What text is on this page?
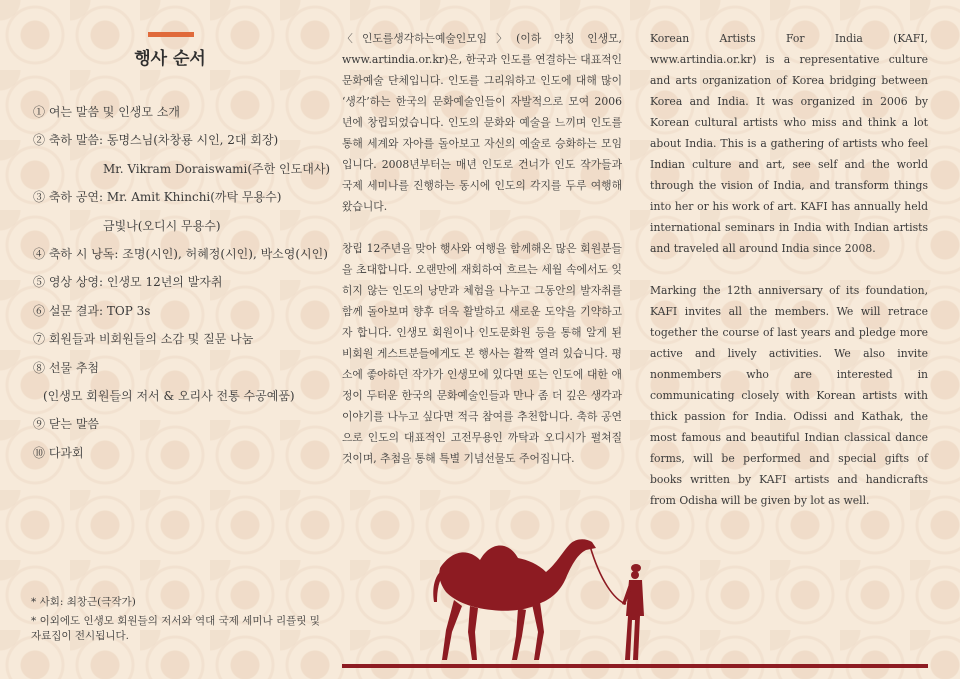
행사 순서
① 여는 말씀 및 인생모 소개
② 축하 말씀: 동명스님(차창룡 시인, 2대 회장)
Mr. Vikram Doraiswami(주한 인도대사)
③ 축하 공연: Mr. Amit Khinchi(까탁 무용수)
금빛나(오디시 무용수)
④ 축하 시 낭독: 조명(시인), 허혜정(시인), 박소영(시인)
⑤ 영상 상영: 인생모 12년의 발자취
⑥ 설문 결과: TOP 3s
⑦ 회원들과 비회원들의 소감 및 질문 나눔
⑧ 선물 추첨
(인생모 회원들의 저서 & 오리사 전통 수공예품)
⑨ 닫는 말씀
⑩ 다과회
* 사회: 최창근(극작가)
* 이외에도 인생모 회원들의 저서와 역대 국제 세미나 리플릿 및 자료집이 전시됩니다.

〈인도를생각하는예술인모임〉(이하 약칭 인생모, www.artindia.or.kr)은, 한국과 인도를 연결하는 대표적인 문화예술 단체입니다. 인도를 그리워하고 인도에 대해 많이 ‘생각’하는 한국의 문화예술인들이 자발적으로 모여 2006년에 창립되었습니다. 인도의 문화와 예술을 느끼며 인도를 통해 세계와 자아를 돌아보고 자신의 예술로 승화하는 모임입니다. 2008년부터는 매년 인도로 건너가 인도 작가들과 국제 세미나를 진행하는 동시에 인도의 각지를 두루 여행해왔습니다.

창립 12주년을 맞아 행사와 여행을 함께해온 많은 회원분들을 초대합니다. 오랜만에 재회하여 흐르는 세월 속에서도 잊히지 않는 인도의 낭만과 체험을 나누고 그동안의 발자취를 함께 돌아보며 향후 더욱 활발하고 새로운 도약을 기약하고자 합니다. 인생모 회원이나 인도문화원 등을 통해 알게 된 비회원 게스트분들에게도 본 행사는 활짝 열려 있습니다. 평소에 좋아하던 작가가 인생모에 있다면 또는 인도에 대한 애정이 두터운 한국의 문화예술인들과 만나 좀 더 깊은 생각과 이야기를 나누고 싶다면 적극 참여를 추천합니다. 축하 공연으로 인도의 대표적인 고전무용인 까탁과 오디시가 펼쳐질 것이며, 추첨을 통해 특별 기념선물도 주어집니다.

Korean Artists For India (KAFI, www.artindia.or.kr) is a representative culture and arts organization of Korea bridging between Korea and India. It was organized in 2006 by Korean cultural artists who miss and think a lot about India. This is a gathering of artists who feel Indian culture and art, see self and the world through the vision of India, and transform things into her or his work of art. KAFI has annually held international seminars in India with Indian artists and traveled all around India since 2008.

Marking the 12th anniversary of its foundation, KAFI invites all the members. We will retrace together the course of last years and pledge more active and lively activities. We also invite nonmembers who are interested in communicating closely with Korean artists with thick passion for India. Odissi and Kathak, the most famous and beautiful Indian classical dance forms, will be performed and special gifts of books written by KAFI artists and handicrafts from Odisha will be given by lot as well.
